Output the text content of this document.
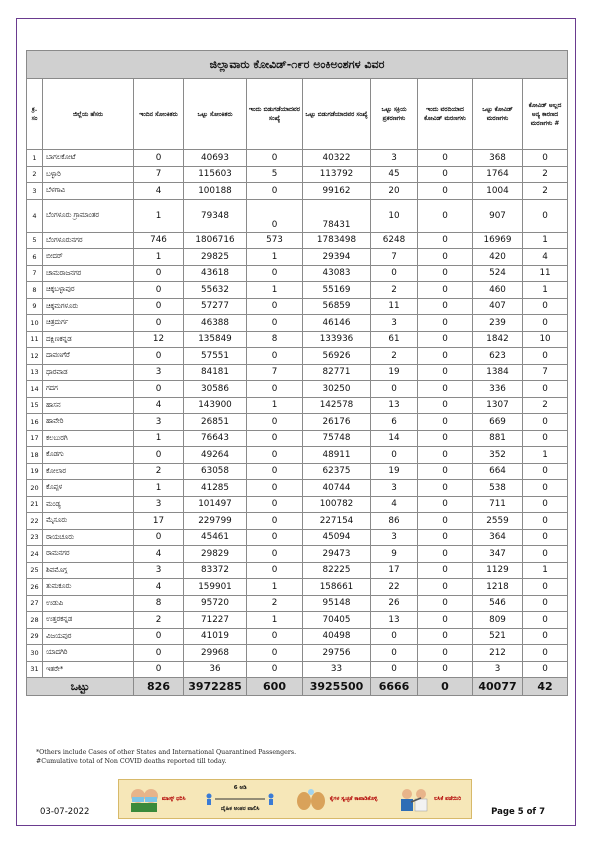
ಜಿಲ್ಲಾವಾರು ಕೋವಿಡ್-೧೯ರ ಅಂಕಿಅಂಶಗಳ ವಿವರ									
ಕ್ರ. ಸಂ	ಜಿಲ್ಲೆಯ ಹೆಸರು	ಇಂದಿನ ಸೋಂಕಿತರು	ಒಟ್ಟು ಸೋಂಕಿತರು	ಇಂದು ಬಿಡುಗಡೆಯಾದವರ ಸಂಖ್ಯೆ	ಒಟ್ಟು ಬಿಡುಗಡೆಯಾದವರ ಸಂಖ್ಯೆ	ಒಟ್ಟು ಸಕ್ರಿಯ ಪ್ರಕರಣಗಳು	ಇಂದು ವರದಿಯಾದ ಕೋವಿಡ್ ಮರಣಗಳು	ಒಟ್ಟು ಕೋವಿಡ್ ಮರಣಗಳು	ಕೋವಿಡ್ ಅಲ್ಲದ ಅನ್ಯ ಕಾರಣದ ಮರಣಗಳು #
1	ಬಾಗಲಕೋಟೆ	0	40693	0	40322	3	0	368	0
2	ಬಳ್ಳಾರಿ	7	115603	5	113792	45	0	1764	2
3	ಬೆಳಗಾವಿ	4	100188	0	99162	20	0	1004	2
4	ಬೆಂಗಳೂರು ಗ್ರಾಮಾಂತರ	1	79348	0	78431	10	0	907	0
5	ಬೆಂಗಳೂರುನಗರ	746	1806716	573	1783498	6248	0	16969	1
6	ಬೀದರ್	1	29825	1	29394	7	0	420	4
7	ಚಾಮರಾಜನಗರ	0	43618	0	43083	0	0	524	11
8	ಚಿಕ್ಕಬಳ್ಳಾಪುರ	0	55632	1	55169	2	0	460	1
9	ಚಿಕ್ಕಮಗಳೂರು	0	57277	0	56859	11	0	407	0
10	ಚಿತ್ರದುರ್ಗ	0	46388	0	46146	3	0	239	0
11	ದಕ್ಷಿಣಕನ್ನಡ	12	135849	8	133936	61	0	1842	10
12	ದಾವಣಗೆರೆ	0	57551	0	56926	2	0	623	0
13	ಧಾರವಾಡ	3	84181	7	82771	19	0	1384	7
14	ಗದಗ	0	30586	0	30250	0	0	336	0
15	ಹಾಸನ	4	143900	1	142578	13	0	1307	2
16	ಹಾವೇರಿ	3	26851	0	26176	6	0	669	0
17	ಕಲಬುರಗಿ	1	76643	0	75748	14	0	881	0
18	ಕೊಡಗು	0	49264	0	48911	0	0	352	1
19	ಕೋಲಾರ	2	63058	0	62375	19	0	664	0
20	ಕೊಪ್ಪಳ	1	41285	0	40744	3	0	538	0
21	ಮಂಡ್ಯ	3	101497	0	100782	4	0	711	0
22	ಮೈಸೂರು	17	229799	0	227154	86	0	2559	0
23	ರಾಯಚೂರು	0	45461	0	45094	3	0	364	0
24	ರಾಮನಗರ	4	29829	0	29473	9	0	347	0
25	ಶಿವಮೊಗ್ಗ	3	83372	0	82225	17	0	1129	1
26	ತುಮಕೂರು	4	159901	1	158661	22	0	1218	0
27	ಉಡುಪಿ	8	95720	2	95148	26	0	546	0
28	ಉತ್ತರಕನ್ನಡ	2	71227	1	70405	13	0	809	0
29	ವಿಜಯಪುರ	0	41019	0	40498	0	0	521	0
30	ಯಾದಗಿರಿ	0	29968	0	29756	0	0	212	0
31	ಇತರೇ*	0	36	0	33	0	0	3	0
ಒಟ್ಟು		826	3972285	600	3925500	6666	0	40077	42
*Others include Cases of other States and International Quarantined Passengers.
#Cumulative total of Non COVID deaths reported till today.
03-07-2022
ಮಾಸ್ಕ್ ಧರಿಸಿ
6 ಅಡಿ
ದೈಹಿಕ ಅಂತರ ಪಾಲಿಸಿ
ಕೈಗಳ ಸ್ವಚ್ಛತೆ ಕಾಪಾಡಿಕೊಳ್ಳಿ	ಲಸಿಕೆ ಪಡೆಯಿರಿ
Page 5 of 7
